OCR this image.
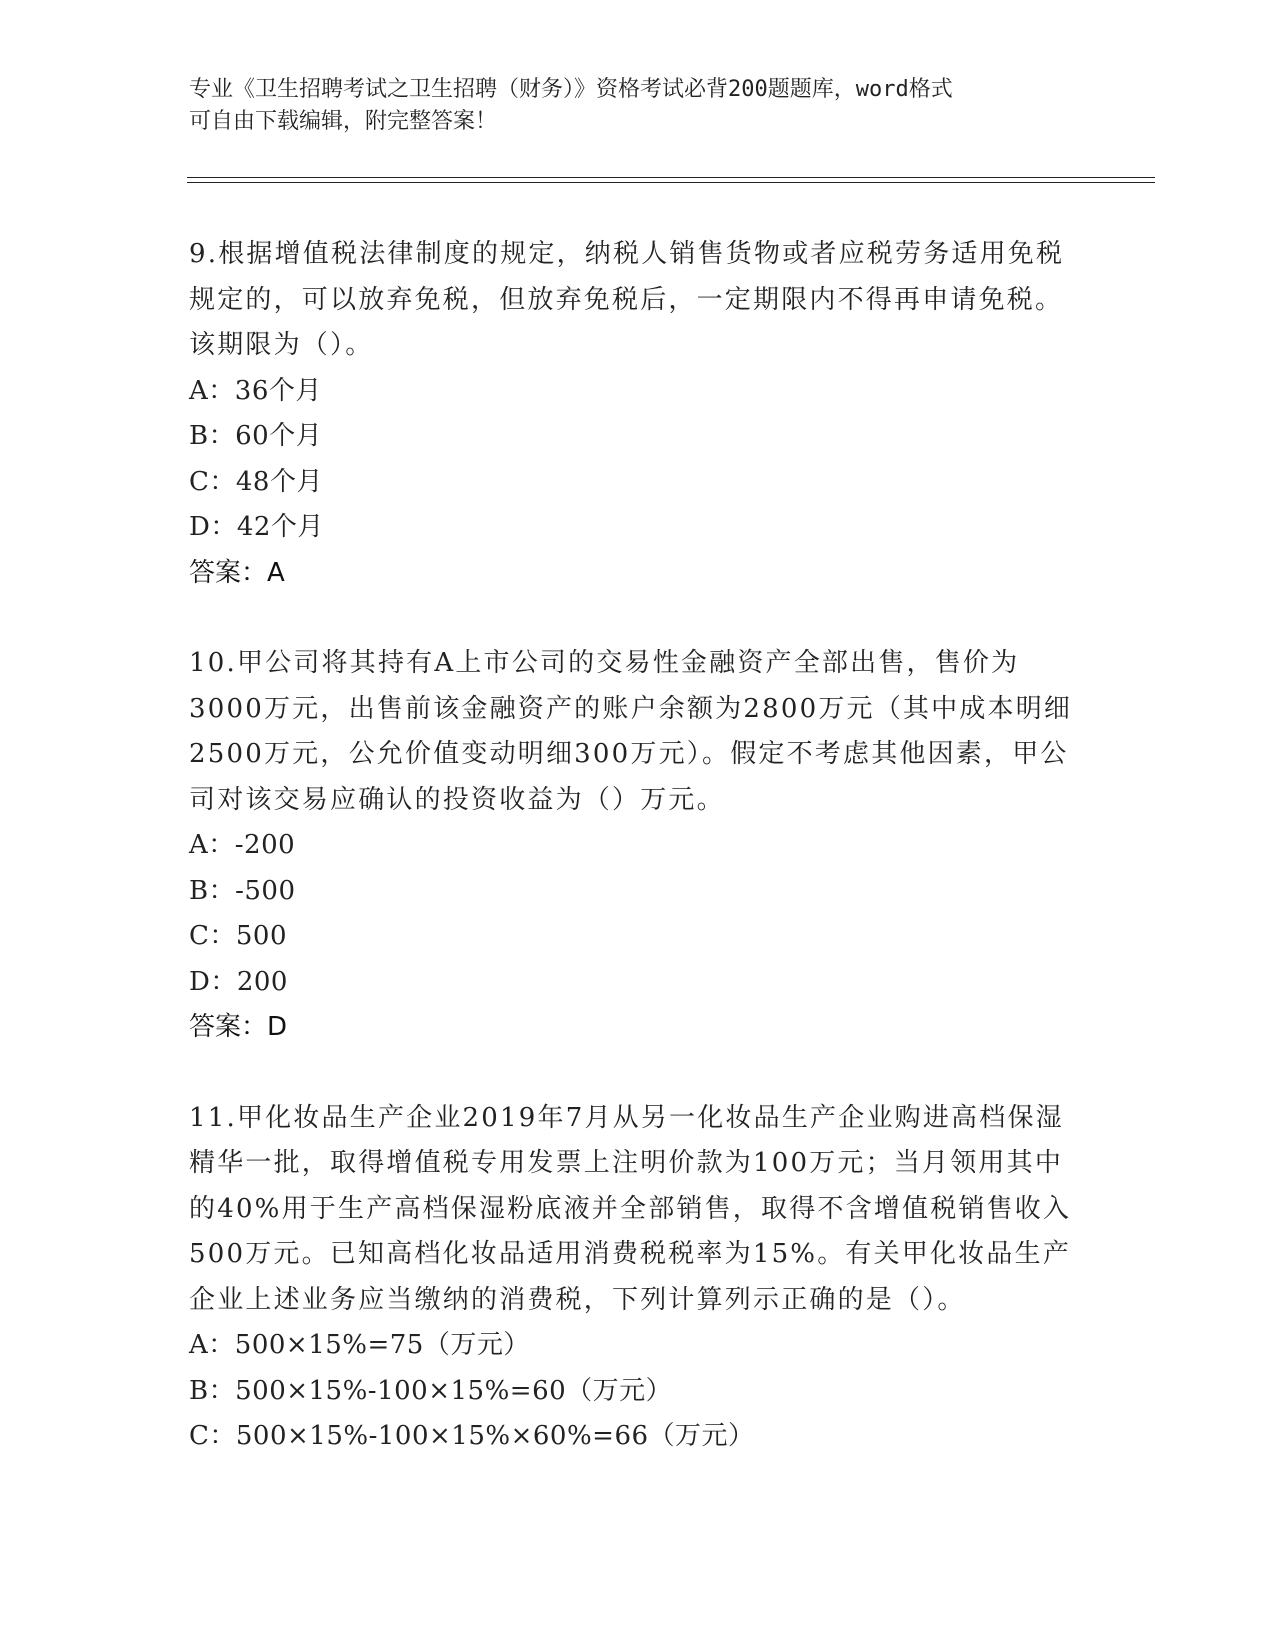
专业《卫生招聘考试之卫生招聘（财务）》资格考试必背200题题库，word格式
可自由下载编辑，附完整答案！

9.根据增值税法律制度的规定，纳税人销售货物或者应税劳务适用免税规定的，可以放弃免税，但放弃免税后，一定期限内不得再申请免税。该期限为（）。

A：36个月

B：60个月

C：48个月

D：42个月

答案：A

10.甲公司将其持有A上市公司的交易性金融资产全部出售，售价为3000万元，出售前该金融资产的账户余额为2800万元（其中成本明细2500万元，公允价值变动明细300万元）。假定不考虑其他因素，甲公司对该交易应确认的投资收益为（）万元。

A：-200

B：-500

C：500

D：200

答案：D

11.甲化妆品生产企业2019年7月从另一化妆品生产企业购进高档保湿精华一批，取得增值税专用发票上注明价款为100万元；当月领用其中的40%用于生产高档保湿粉底液并全部销售，取得不含增值税销售收入500万元。已知高档化妆品适用消费税税率为15%。有关甲化妆品生产企业上述业务应当缴纳的消费税，下列计算列示正确的是（）。

A：500×15%=75（万元）

B：500×15%-100×15%=60（万元）

C：500×15%-100×15%×60%=66（万元）
